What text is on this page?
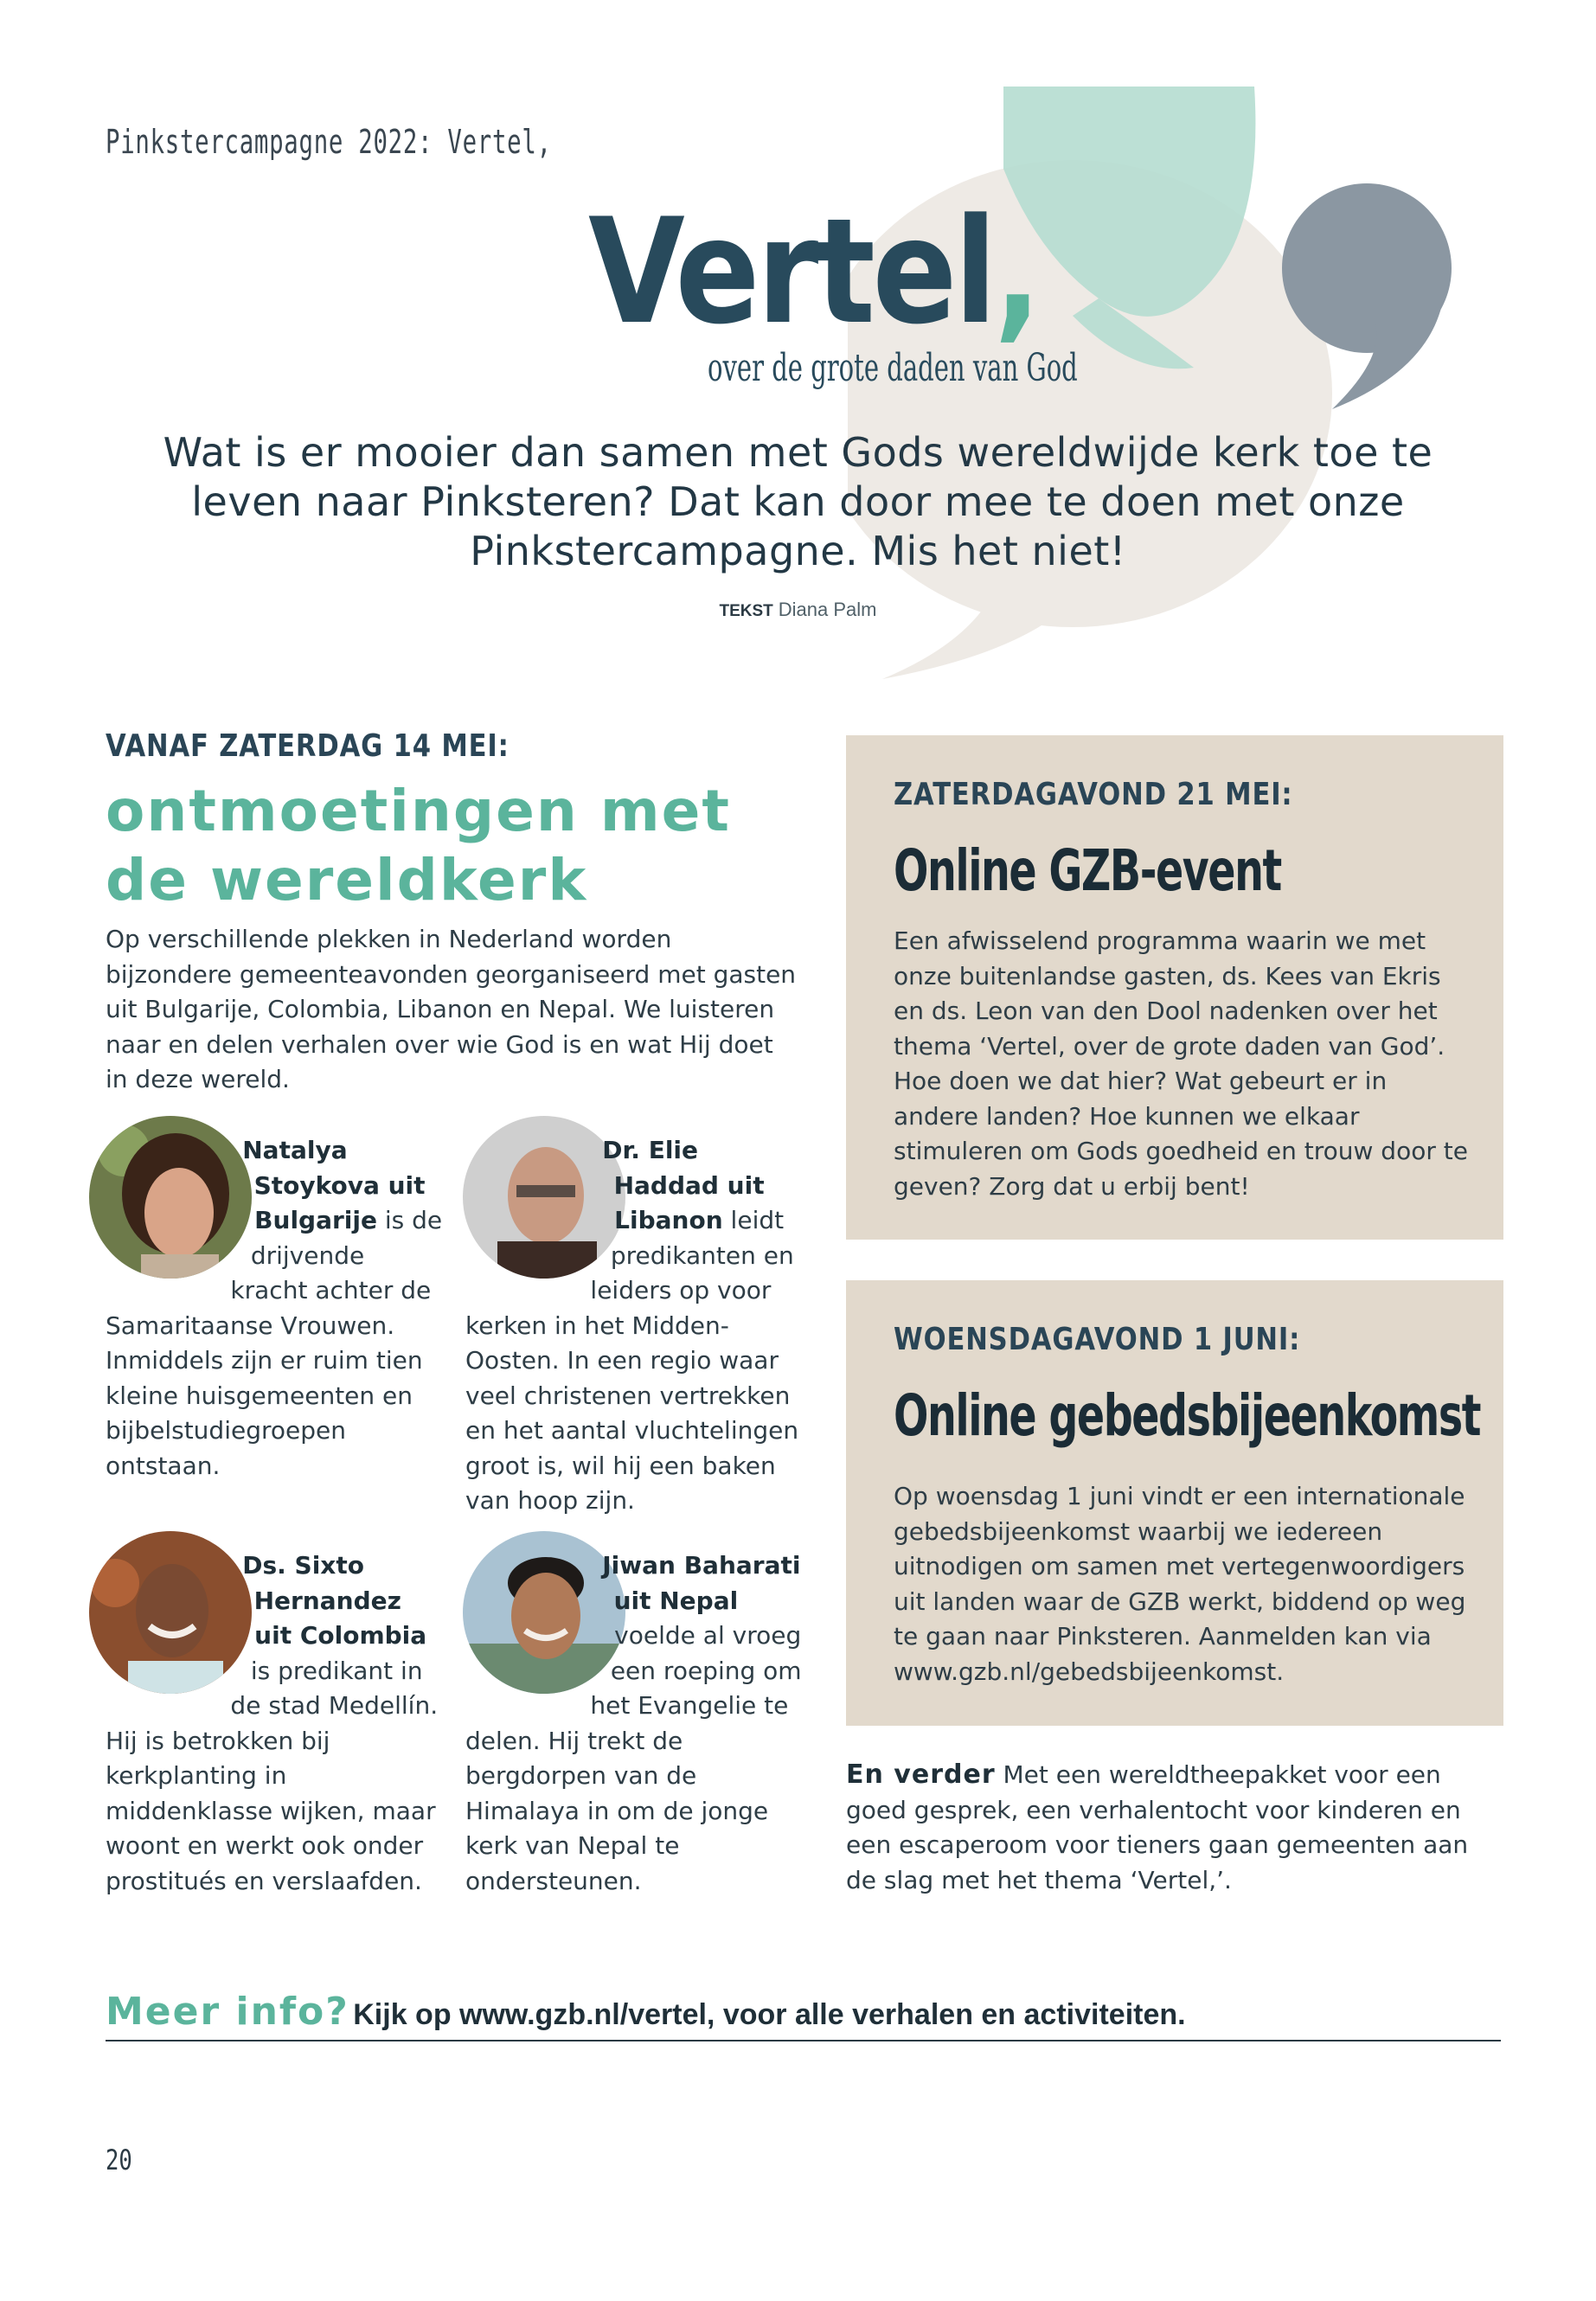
Pinkstercampagne 2022: Vertel,
Vertel,
over de grote daden van God
Wat is er mooier dan samen met Gods wereldwijde kerk toe te leven naar Pinksteren? Dat kan door mee te doen met onze Pinkstercampagne. Mis het niet!
TEKST Diana Palm
VANAF ZATERDAG 14 MEI:
ontmoetingen met de wereldkerk
Op verschillende plekken in Nederland worden bijzondere gemeenteavonden georganiseerd met gasten uit Bulgarije, Colombia, Libanon en Nepal. We luisteren naar en delen verhalen over wie God is en wat Hij doet in deze wereld.
Natalya Stoykova uit Bulgarije is de drijvende kracht achter de Samaritaanse Vrouwen. Inmiddels zijn er ruim tien kleine huisgemeenten en bijbelstudiegroepen ontstaan.
Dr. Elie Haddad uit Libanon leidt predikanten en leiders op voor kerken in het Midden-Oosten. In een regio waar veel christenen vertrekken en het aantal vluchtelingen groot is, wil hij een baken van hoop zijn.
Ds. Sixto Hernandez uit Colombia is predikant in de stad Medellín. Hij is betrokken bij kerkplanting in middenklasse wijken, maar woont en werkt ook onder prostitués en verslaafden.
Jiwan Baharati uit Nepal voelde al vroeg een roeping om het Evangelie te delen. Hij trekt de bergdorpen van de Himalaya in om de jonge kerk van Nepal te ondersteunen.
ZATERDAGAVOND 21 MEI:
Online GZB-event
Een afwisselend programma waarin we met onze buitenlandse gasten, ds. Kees van Ekris en ds. Leon van den Dool nadenken over het thema ‘Vertel, over de grote daden van God’. Hoe doen we dat hier? Wat gebeurt er in andere landen? Hoe kunnen we elkaar stimuleren om Gods goedheid en trouw door te geven? Zorg dat u erbij bent!
WOENSDAGAVOND 1 JUNI:
Online gebedsbijeenkomst
Op woensdag 1 juni vindt er een internationale gebedsbijeenkomst waarbij we iedereen uitnodigen om samen met vertegenwoordigers uit landen waar de GZB werkt, biddend op weg te gaan naar Pinksteren. Aanmelden kan via www.gzb.nl/gebedsbijeenkomst.
En verder Met een wereldtheepakket voor een goed gesprek, een verhalentocht voor kinderen en een escaperoom voor tieners gaan gemeenten aan de slag met het thema ‘Vertel,’.
Meer info? Kijk op www.gzb.nl/vertel, voor alle verhalen en activiteiten.
20
